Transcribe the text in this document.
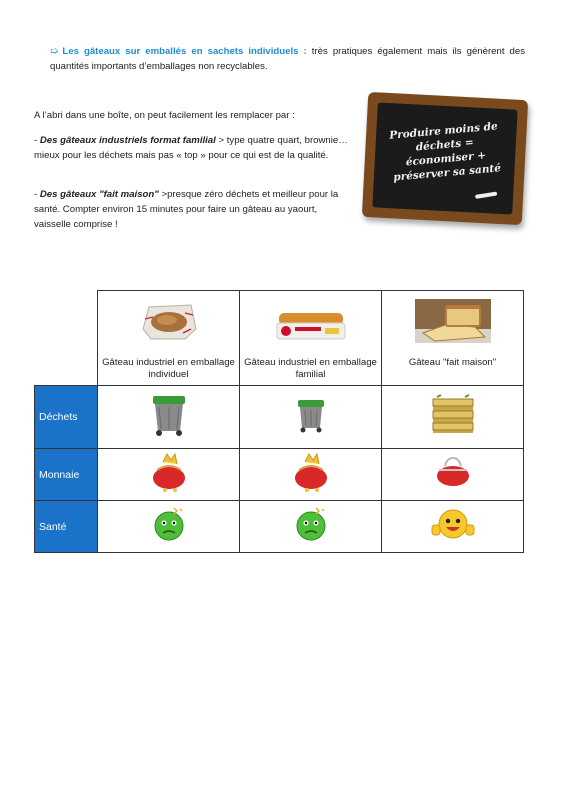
➯ Les gâteaux sur emballés en sachets individuels : très pratiques également mais ils génèrent des quantités importants d’emballages non recyclables.
A l’abri dans une boîte, on peut facilement les remplacer par :
- Des gâteaux industriels format familial > type quatre quart, brownie… mieux pour les déchets mais pas « top » pour ce qui est de la qualité.
- Des gâteaux "fait maison" >presque zéro déchets et meilleur pour la santé. Compter environ 15 minutes pour faire un gâteau au yaourt, vaisselle comprise !
Produire moins de déchets = économiser + préserver sa santé

	Gâteau industriel en emballage individuel	Gâteau industriel en emballage familial	Gâteau "fait maison"

Déchets			
Monnaie			
Santé			
